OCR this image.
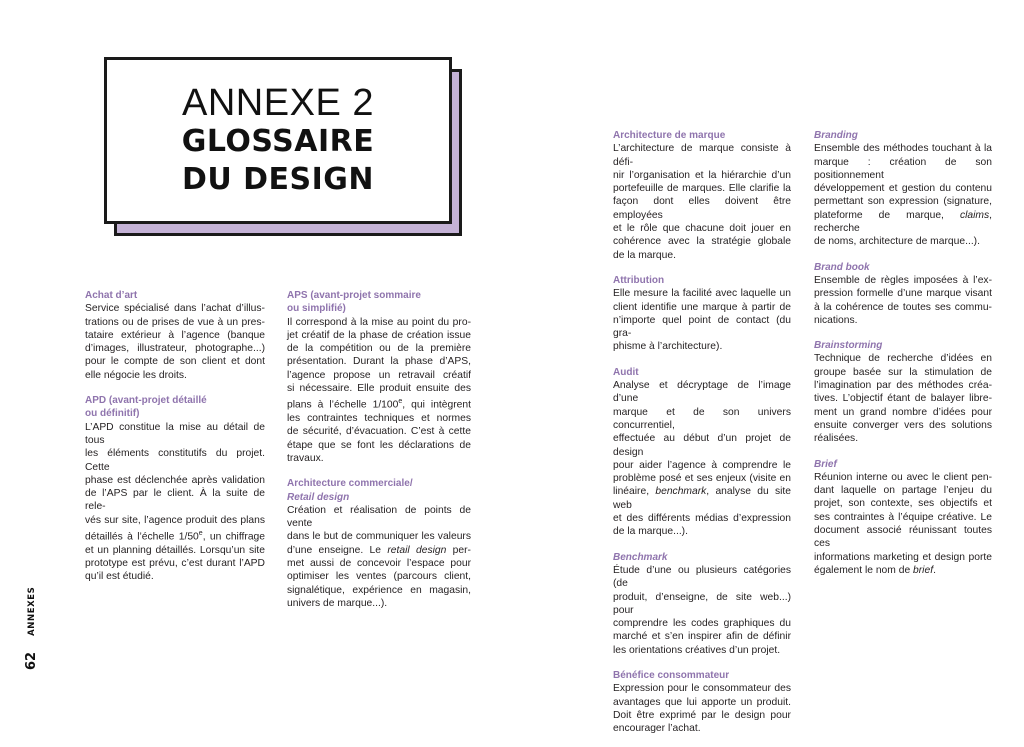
ANNEXE 2
GLOSSAIRE
DU DESIGN
Achat d’art
Service spécialisé dans l’achat d’illus-
trations ou de prises de vue à un pres-
tataire extérieur à l’agence (banque
d’images, illustrateur, photographe...)
pour le compte de son client et dont
elle négocie les droits.
APD (avant-projet détaillé
ou définitif)
L’APD constitue la mise au détail de tous
les éléments constitutifs du projet. Cette
phase est déclenchée après validation
de l’APS par le client. À la suite de rele-
vés sur site, l’agence produit des plans
détaillés à l’échelle 1/50e, un chiffrage
et un planning détaillés. Lorsqu’un site
prototype est prévu, c’est durant l’APD
qu’il est étudié.
APS (avant-projet sommaire
ou simplifié)
Il correspond à la mise au point du pro-
jet créatif de la phase de création issue
de la compétition ou de la première
présentation. Durant la phase d’APS,
l’agence propose un retravail créatif
si nécessaire. Elle produit ensuite des
plans à l’échelle 1/100e, qui intègrent
les contraintes techniques et normes
de sécurité, d’évacuation. C’est à cette
étape que se font les déclarations de
travaux.
Architecture commerciale/
Retail design
Création et réalisation de points de vente
dans le but de communiquer les valeurs
d’une enseigne. Le retail design per-
met aussi de concevoir l’espace pour
optimiser les ventes (parcours client,
signalétique, expérience en magasin,
univers de marque...).
62
ANNEXES
Architecture de marque
L’architecture de marque consiste à défi-
nir l’organisation et la hiérarchie d’un
portefeuille de marques. Elle clarifie la
façon dont elles doivent être employées
et le rôle que chacune doit jouer en
cohérence avec la stratégie globale
de la marque.
Attribution
Elle mesure la facilité avec laquelle un
client identifie une marque à partir de
n’importe quel point de contact (du gra-
phisme à l’architecture).
Audit
Analyse et décryptage de l’image d’une
marque et de son univers concurrentiel,
effectuée au début d’un projet de design
pour aider l’agence à comprendre le
problème posé et ses enjeux (visite en
linéaire, benchmark, analyse du site web
et des différents médias d’expression
de la marque...).
Benchmark
Étude d’une ou plusieurs catégories (de
produit, d’enseigne, de site web...) pour
comprendre les codes graphiques du
marché et s’en inspirer afin de définir
les orientations créatives d’un projet.
Bénéfice consommateur
Expression pour le consommateur des
avantages que lui apporte un produit.
Doit être exprimé par le design pour
encourager l’achat.
Branding
Ensemble des méthodes touchant à la
marque : création de son positionnement
développement et gestion du contenu
permettant son expression (signature,
plateforme de marque, claims, recherche
de noms, architecture de marque...).
Brand book
Ensemble de règles imposées à l’ex-
pression formelle d’une marque visant
à la cohérence de toutes ses commu-
nications.
Brainstorming
Technique de recherche d’idées en
groupe basée sur la stimulation de
l’imagination par des méthodes créa-
tives. L’objectif étant de balayer libre-
ment un grand nombre d’idées pour
ensuite converger vers des solutions
réalisées.
Brief
Réunion interne ou avec le client pen-
dant laquelle on partage l’enjeu du
projet, son contexte, ses objectifs et
ses contraintes à l’équipe créative. Le
document associé réunissant toutes ces
informations marketing et design porte
également le nom de brief.
